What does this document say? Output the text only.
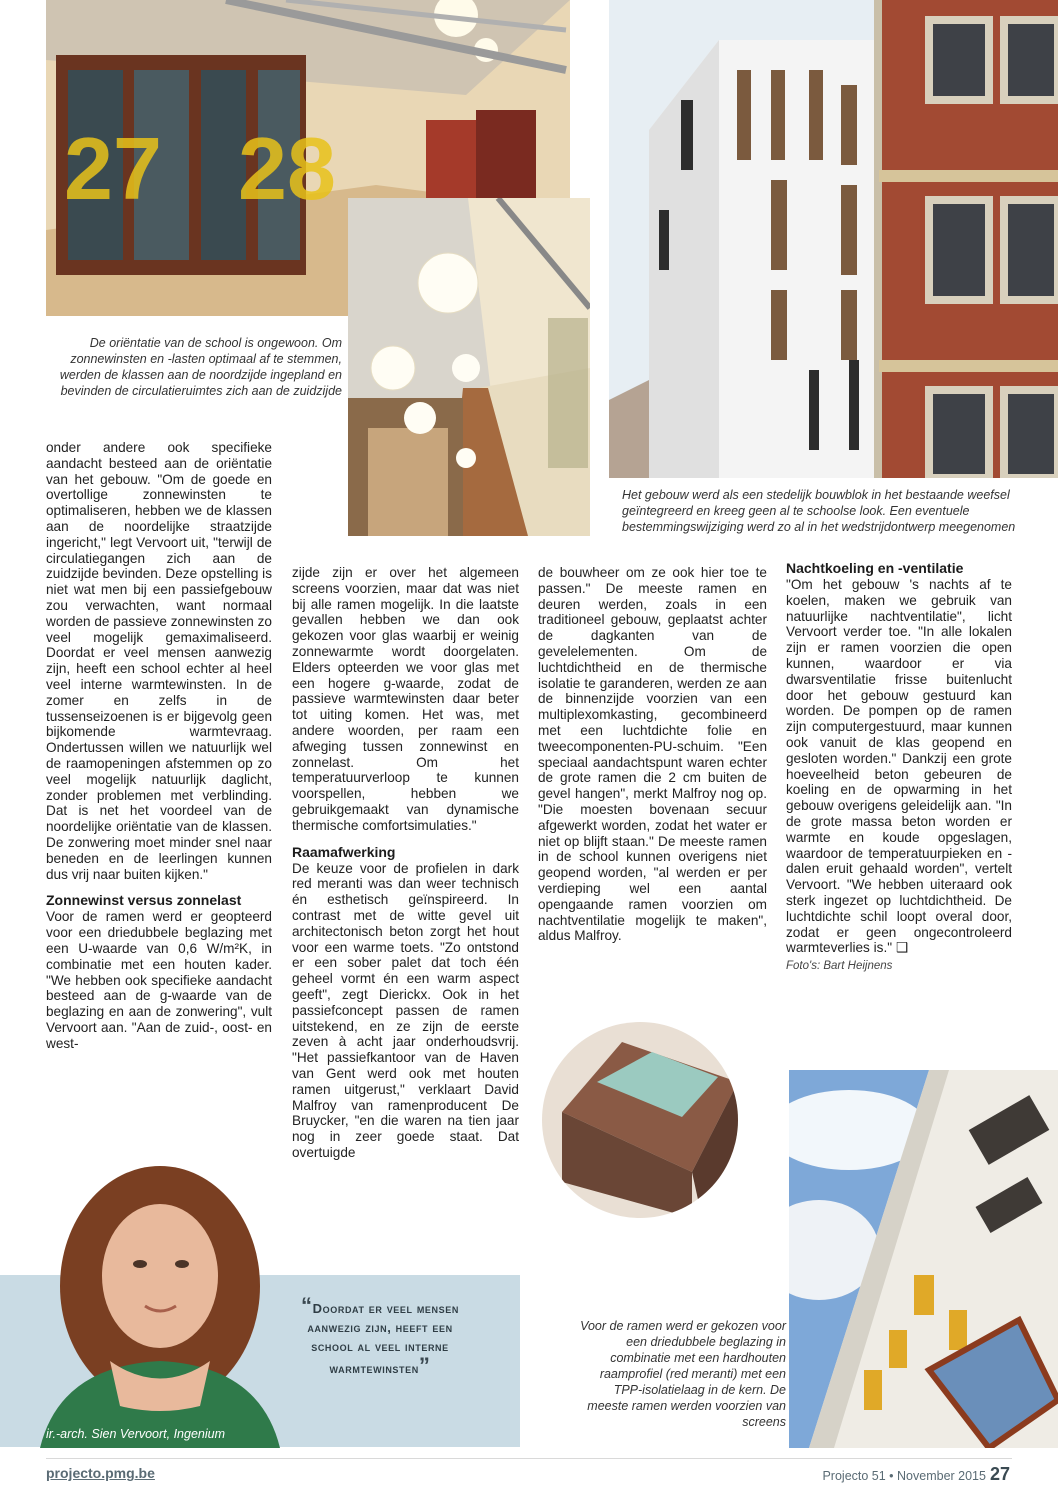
27 28
De oriëntatie van de school is ongewoon. Om zonnewinsten en -lasten optimaal af te stemmen, werden de klassen aan de noordzijde ingepland en bevinden de circulatieruimtes zich aan de zuidzijde
Het gebouw werd als een stedelijk bouwblok in het bestaande weefsel geïntegreerd en kreeg geen al te schoolse look. Een eventuele bestemmingswijziging werd zo al in het wedstrijdontwerp meegenomen

onder andere ook specifieke aandacht besteed aan de oriëntatie van het gebouw. "Om de goede en overtollige zonnewinsten te optimaliseren, hebben we de klassen aan de noordelijke straatzijde ingericht," legt Vervoort uit, "terwijl de circulatiegangen zich aan de zuidzijde bevinden. Deze opstelling is niet wat men bij een passiefgebouw zou verwachten, want normaal worden de passieve zonnewinsten zo veel mogelijk gemaximaliseerd. Doordat er veel mensen aanwezig zijn, heeft een school echter al heel veel interne warmtewinsten. In de zomer en zelfs in de tussenseizoenen is er bijgevolg geen bijkomende warmtevraag. Ondertussen willen we natuurlijk wel de raamopeningen afstemmen op zo veel mogelijk natuurlijk daglicht, zonder problemen met verblinding. Dat is net het voordeel van de noordelijke oriëntatie van de klassen. De zonwering moet minder snel naar beneden en de leerlingen kunnen dus vrij naar buiten kijken."

Zonnewinst versus zonnelast

Voor de ramen werd er geopteerd voor een driedubbele beglazing met een U-waarde van 0,6 W/m²K, in combinatie met een houten kader. "We hebben ook specifieke aandacht besteed aan de g-waarde van de beglazing en aan de zonwering", vult Vervoort aan. "Aan de zuid-, oost- en west-

zijde zijn er over het algemeen screens voorzien, maar dat was niet bij alle ramen mogelijk. In die laatste gevallen hebben we dan ook gekozen voor glas waarbij er weinig zonnewarmte wordt doorgelaten. Elders opteerden we voor glas met een hogere g-waarde, zodat de passieve warmtewinsten daar beter tot uiting komen. Het was, met andere woorden, per raam een afweging tussen zonnewinst en zonnelast. Om het temperatuurverloop te kunnen voorspellen, hebben we gebruikgemaakt van dynamische thermische comfortsimulaties."

Raamafwerking

De keuze voor de profielen in dark red meranti was dan weer technisch én esthetisch geïnspireerd. In contrast met de witte gevel uit architectonisch beton zorgt het hout voor een warme toets. "Zo ontstond er een sober palet dat toch één geheel vormt én een warm aspect geeft", zegt Dierickx. Ook in het passiefconcept passen de ramen uitstekend, en ze zijn de eerste zeven à acht jaar onderhoudsvrij. "Het passiefkantoor van de Haven van Gent werd ook met houten ramen uitgerust," verklaart David Malfroy van ramenproducent De Bruycker, "en die waren na tien jaar nog in zeer goede staat. Dat overtuigde

de bouwheer om ze ook hier toe te passen." De meeste ramen en deuren werden, zoals in een traditioneel gebouw, geplaatst achter de dagkanten van de gevelelementen. Om de luchtdichtheid en de thermische isolatie te garanderen, werden ze aan de binnenzijde voorzien van een multiplexomkasting, gecombineerd met een luchtdichte folie en tweecomponenten-PU-schuim. "Een speciaal aandachtspunt waren echter de grote ramen die 2 cm buiten de gevel hangen", merkt Malfroy nog op. "Die moesten bovenaan secuur afgewerkt worden, zodat het water er niet op blijft staan." De meeste ramen in de school kunnen overigens niet geopend worden, "al werden er per verdieping wel een aantal opengaande ramen voorzien om nachtventilatie mogelijk te maken", aldus Malfroy.

Nachtkoeling en -ventilatie

"Om het gebouw 's nachts af te koelen, maken we gebruik van natuurlijke nachtventilatie", licht Vervoort verder toe. "In alle lokalen zijn er ramen voorzien die open kunnen, waardoor er via dwarsventilatie frisse buitenlucht door het gebouw gestuurd kan worden. De pompen op de ramen zijn computergestuurd, maar kunnen ook vanuit de klas geopend en gesloten worden." Dankzij een grote hoeveelheid beton gebeuren de koeling en de opwarming in het gebouw overigens geleidelijk aan. "In de grote massa beton worden er warmte en koude opgeslagen, waardoor de temperatuurpieken en -dalen eruit gehaald worden", vertelt Vervoort. "We hebben uiteraard ook sterk ingezet op luchtdichtheid. De luchtdichte schil loopt overal door, zodat er geen ongecontroleerd warmteverlies is." ❑

Foto's: Bart Heijnens
Voor de ramen werd er gekozen voor een driedubbele beglazing in combinatie met een hardhouten raamprofiel (red meranti) met een TPP-isolatielaag in de kern. De meeste ramen werden voorzien van screens
ir.-arch. Sien Vervoort, Ingenium
“Doordat er veel mensen aanwezig zijn, heeft een school al veel interne warmtewinsten”
projecto.pmg.be	Projecto 51 • November 2015 27
